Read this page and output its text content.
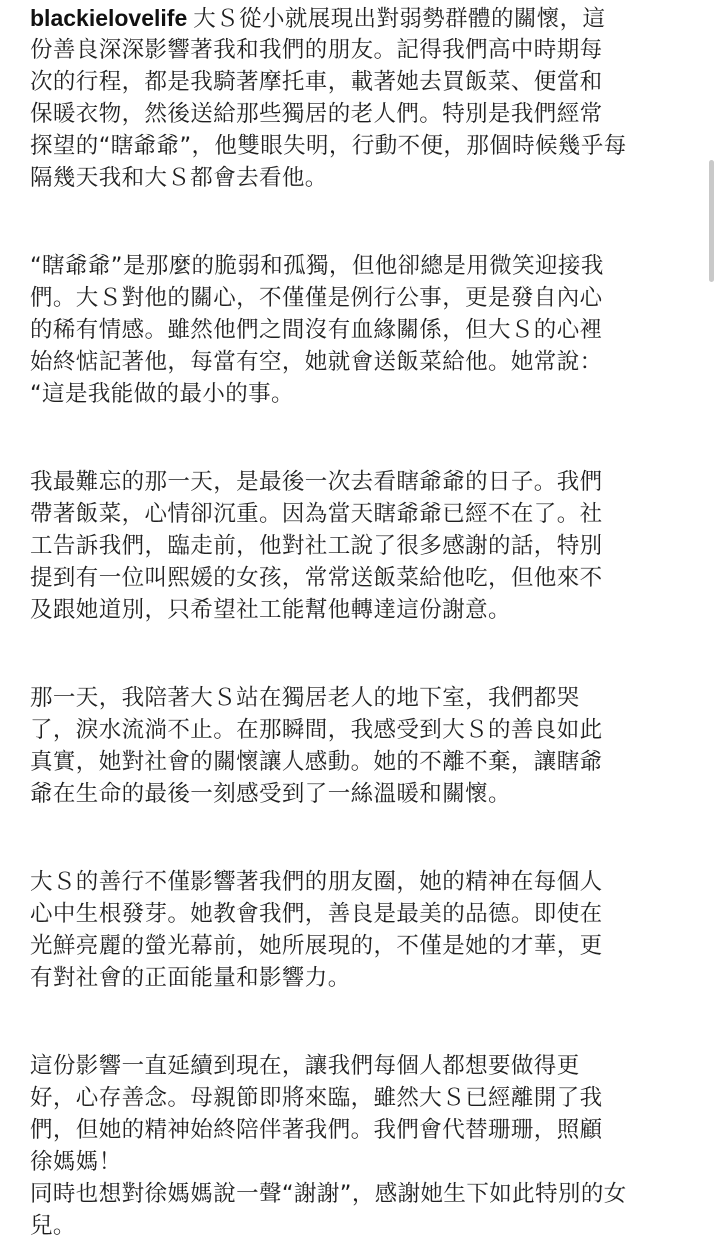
blackielovelife 大Ｓ從小就展現出對弱勢群體的關懷，這
份善良深深影響著我和我們的朋友。記得我們高中時期每
次的行程，都是我騎著摩托車，載著她去買飯菜、便當和
保暖衣物，然後送給那些獨居的老人們。特別是我們經常
探望的“瞎爺爺”，他雙眼失明，行動不便，那個時候幾乎每
隔幾天我和大Ｓ都會去看他。
“瞎爺爺”是那麼的脆弱和孤獨，但他卻總是用微笑迎接我
們。大Ｓ對他的關心，不僅僅是例行公事，更是發自內心
的稀有情感。雖然他們之間沒有血緣關係，但大Ｓ的心裡
始終惦記著他，每當有空，她就會送飯菜給他。她常說：
“這是我能做的最小的事。
我最難忘的那一天，是最後一次去看瞎爺爺的日子。我們
帶著飯菜，心情卻沉重。因為當天瞎爺爺已經不在了。社
工告訴我們，臨走前，他對社工說了很多感謝的話，特別
提到有一位叫熙媛的女孩，常常送飯菜給他吃，但他來不
及跟她道別，只希望社工能幫他轉達這份謝意。
那一天，我陪著大Ｓ站在獨居老人的地下室，我們都哭
了，淚水流淌不止。在那瞬間，我感受到大Ｓ的善良如此
真實，她對社會的關懷讓人感動。她的不離不棄，讓瞎爺
爺在生命的最後一刻感受到了一絲溫暖和關懷。
大Ｓ的善行不僅影響著我們的朋友圈，她的精神在每個人
心中生根發芽。她教會我們，善良是最美的品德。即使在
光鮮亮麗的螢光幕前，她所展現的，不僅是她的才華，更
有對社會的正面能量和影響力。
這份影響一直延續到現在，讓我們每個人都想要做得更
好，心存善念。母親節即將來臨，雖然大Ｓ已經離開了我
們，但她的精神始終陪伴著我們。我們會代替珊珊，照顧
徐媽媽！
同時也想對徐媽媽說一聲“謝謝”，感謝她生下如此特別的女
兒。
